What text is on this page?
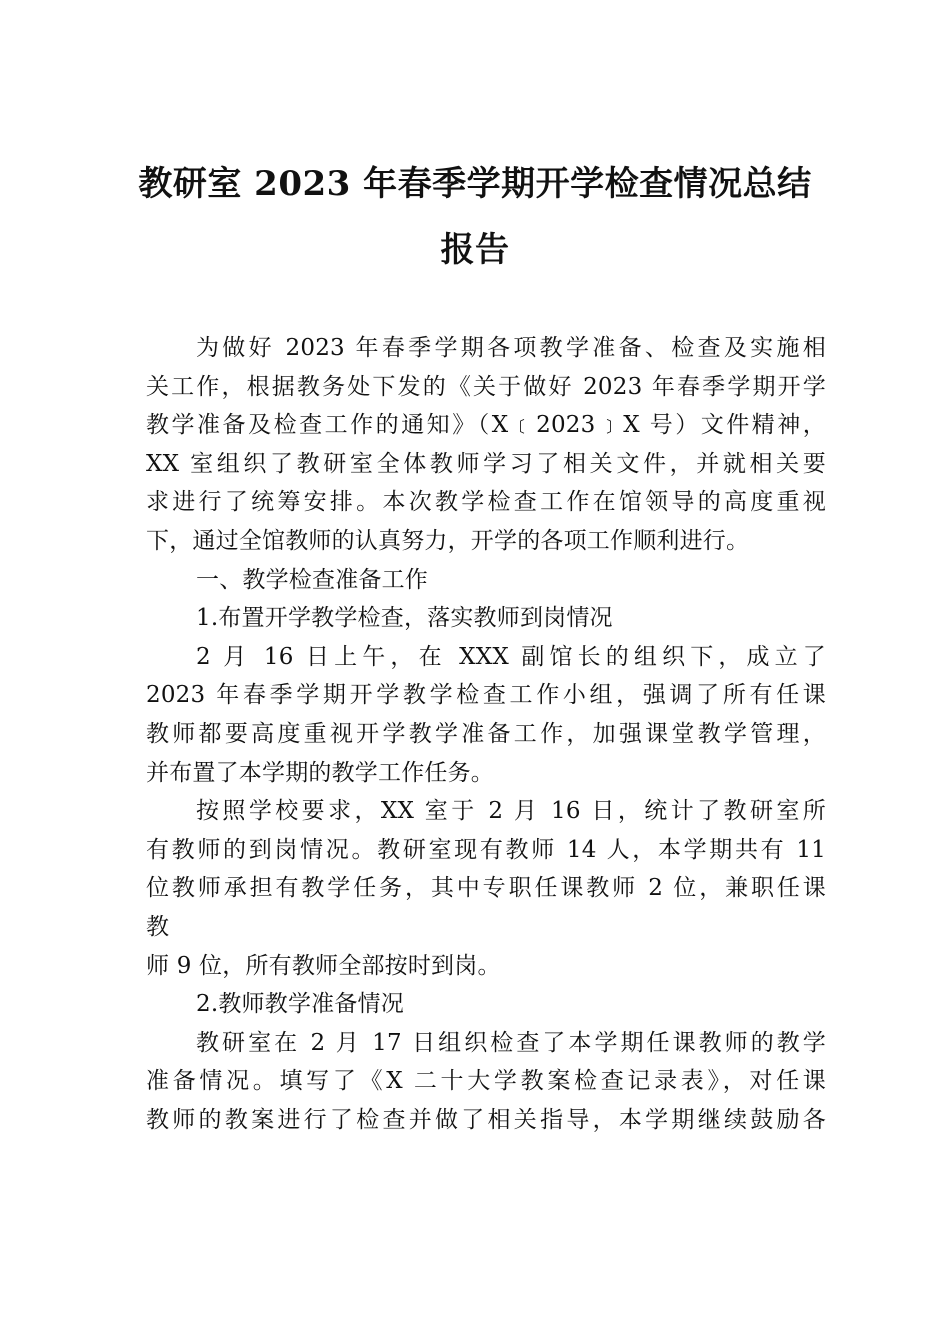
教研室 2023 年春季学期开学检查情况总结
报告
为做好 2023 年春季学期各项教学准备、检查及实施相
关工作，根据教务处下发的《关于做好 2023 年春季学期开学
教学准备及检查工作的通知》（X﹝2023﹞X 号）文件精神，
XX 室组织了教研室全体教师学习了相关文件，并就相关要
求进行了统筹安排。本次教学检查工作在馆领导的高度重视
下，通过全馆教师的认真努力，开学的各项工作顺利进行。
一、教学检查准备工作
1.布置开学教学检查，落实教师到岗情况
2 月 16 日上午，在 XXX 副馆长的组织下，成立了
2023 年春季学期开学教学检查工作小组，强调了所有任课
教师都要高度重视开学教学准备工作，加强课堂教学管理，
并布置了本学期的教学工作任务。
按照学校要求，XX 室于 2 月 16 日，统计了教研室所
有教师的到岗情况。教研室现有教师 14 人，本学期共有 11
位教师承担有教学任务，其中专职任课教师 2 位，兼职任课
教
师 9 位，所有教师全部按时到岗。
2.教师教学准备情况
教研室在 2 月 17 日组织检查了本学期任课教师的教学
准备情况。填写了《X 二十大学教案检查记录表》，对任课
教师的教案进行了检查并做了相关指导，本学期继续鼓励各
